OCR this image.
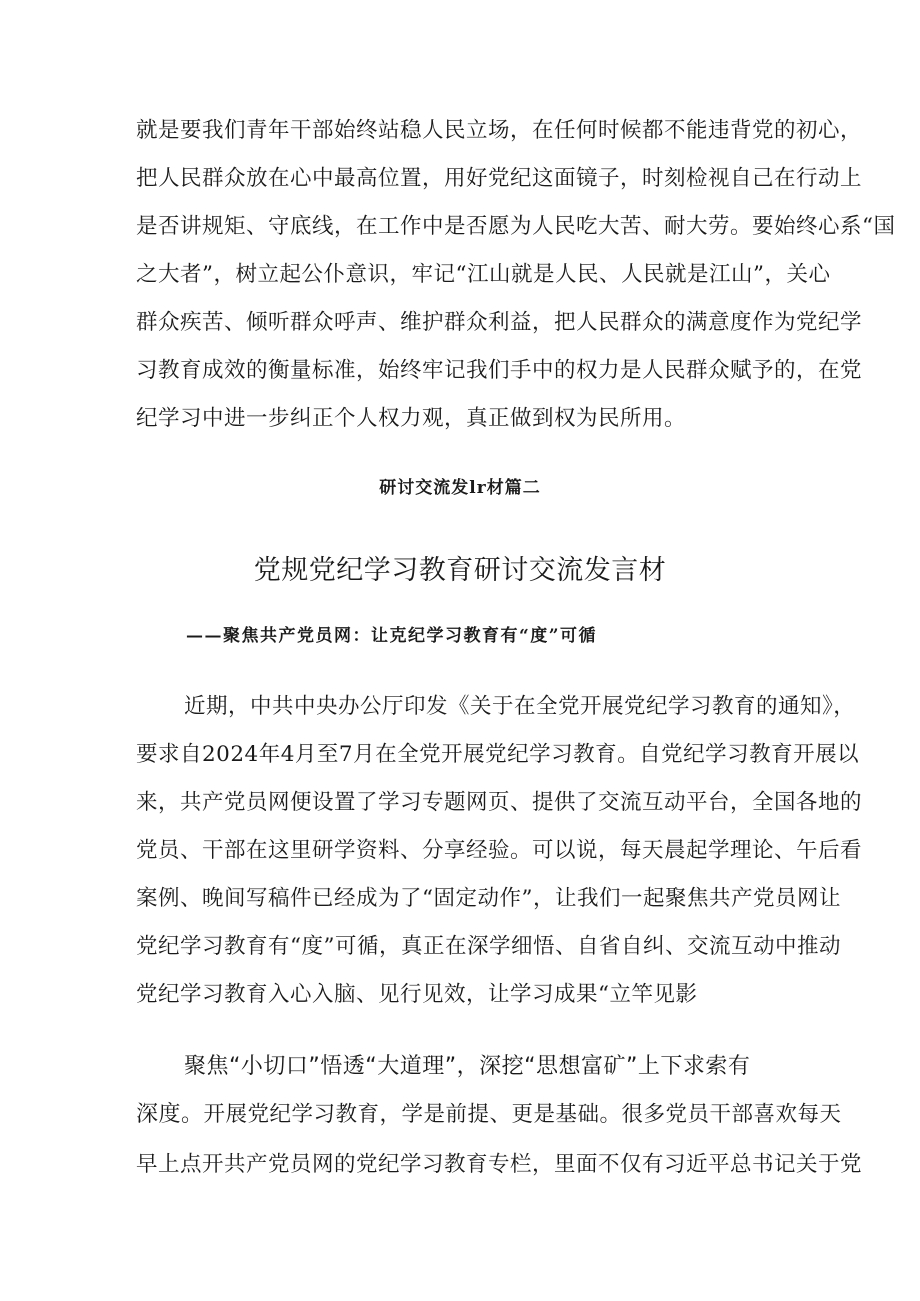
就是要我们青年干部始终站稳人民立场，在任何时候都不能违背党的初心，
把人民群众放在心中最高位置，用好党纪这面镜子，时刻检视自己在行动上
是否讲规矩、守底线，在工作中是否愿为人民吃大苦、耐大劳。要始终心系“国
之大者”，树立起公仆意识，牢记“江山就是人民、人民就是江山”，关心
群众疾苦、倾听群众呼声、维护群众利益，把人民群众的满意度作为党纪学
习教育成效的衡量标准，始终牢记我们手中的权力是人民群众赋予的，在党
纪学习中进一步纠正个人权力观，真正做到权为民所用。
研讨交流发lr材篇二
党规党纪学习教育研讨交流发言材
——聚焦共产党员网：让克纪学习教育有“度”可循
近期，中共中央办公厅印发《关于在全党开展党纪学习教育的通知》，
要求自2024年4月至7月在全党开展党纪学习教育。自党纪学习教育开展以
来，共产党员网便设置了学习专题网页、提供了交流互动平台，全国各地的
党员、干部在这里研学资料、分享经验。可以说，每天晨起学理论、午后看
案例、晚间写稿件已经成为了“固定动作”，让我们一起聚焦共产党员网让
党纪学习教育有“度”可循，真正在深学细悟、自省自纠、交流互动中推动
党纪学习教育入心入脑、见行见效，让学习成果“立竿见影
聚焦“小切口”悟透“大道理”，深挖“思想富矿”上下求索有
深度。开展党纪学习教育，学是前提、更是基础。很多党员干部喜欢每天
早上点开共产党员网的党纪学习教育专栏，里面不仅有习近平总书记关于党
